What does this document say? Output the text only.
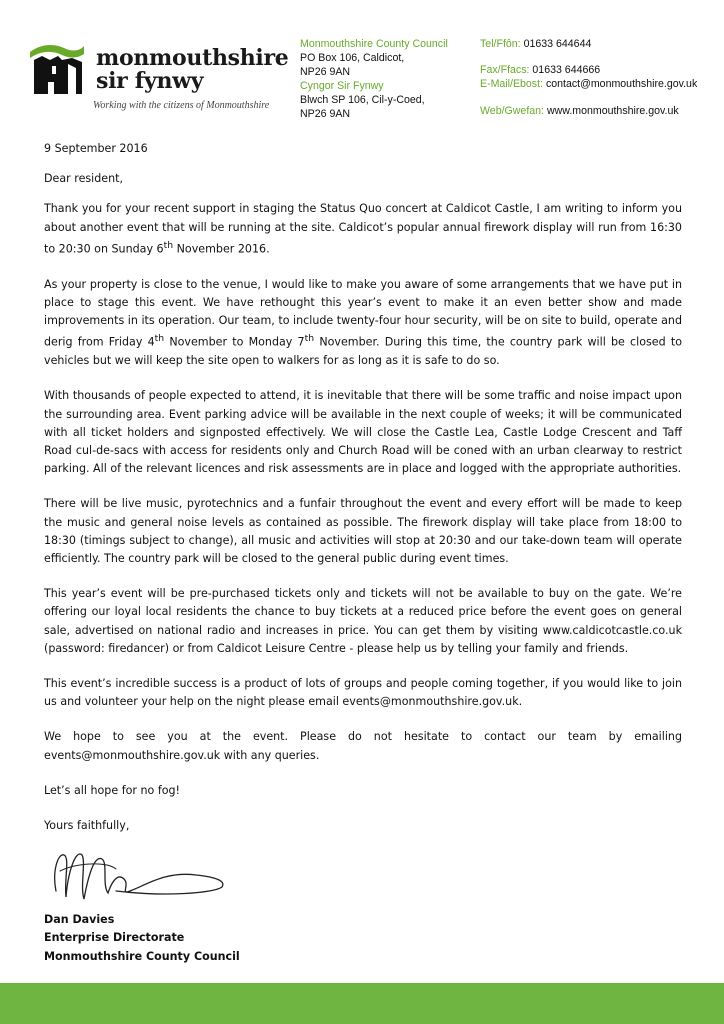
monmouthshire
sir fynwy
Working with the citizens of Monmouthshire
Monmouthshire County Council
PO Box 106, Caldicot,
NP26 9AN
Cyngor Sir Fynwy
Blwch SP 106, Cil-y-Coed,
NP26 9AN
Tel/Ffôn: 01633 644644
Fax/Ffacs: 01633 644666
E-Mail/Ebost: contact@monmouthshire.gov.uk
Web/Gwefan: www.monmouthshire.gov.uk

9 September 2016

Dear resident,

Thank you for your recent support in staging the Status Quo concert at Caldicot Castle, I am writing to inform you about another event that will be running at the site. Caldicot’s popular annual firework display will run from 16:30 to 20:30 on Sunday 6th November 2016.

As your property is close to the venue, I would like to make you aware of some arrangements that we have put in place to stage this event. We have rethought this year’s event to make it an even better show and made improvements in its operation. Our team, to include twenty-four hour security, will be on site to build, operate and derig from Friday 4th November to Monday 7th November. During this time, the country park will be closed to vehicles but we will keep the site open to walkers for as long as it is safe to do so.

With thousands of people expected to attend, it is inevitable that there will be some traffic and noise impact upon the surrounding area. Event parking advice will be available in the next couple of weeks; it will be communicated with all ticket holders and signposted effectively. We will close the Castle Lea, Castle Lodge Crescent and Taff Road cul-de-sacs with access for residents only and Church Road will be coned with an urban clearway to restrict parking. All of the relevant licences and risk assessments are in place and logged with the appropriate authorities.

There will be live music, pyrotechnics and a funfair throughout the event and every effort will be made to keep the music and general noise levels as contained as possible. The firework display will take place from 18:00 to 18:30 (timings subject to change), all music and activities will stop at 20:30 and our take-down team will operate efficiently. The country park will be closed to the general public during event times.

This year’s event will be pre-purchased tickets only and tickets will not be available to buy on the gate. We’re offering our loyal local residents the chance to buy tickets at a reduced price before the event goes on general sale, advertised on national radio and increases in price. You can get them by visiting www.caldicotcastle.co.uk (password: firedancer) or from Caldicot Leisure Centre - please help us by telling your family and friends.

This event’s incredible success is a product of lots of groups and people coming together, if you would like to join us and volunteer your help on the night please email events@monmouthshire.gov.uk.

We hope to see you at the event. Please do not hesitate to contact our team by emailing events@monmouthshire.gov.uk with any queries.

Let’s all hope for no fog!

Yours faithfully,

Dan Davies

Enterprise Directorate

Monmouthshire County Council
